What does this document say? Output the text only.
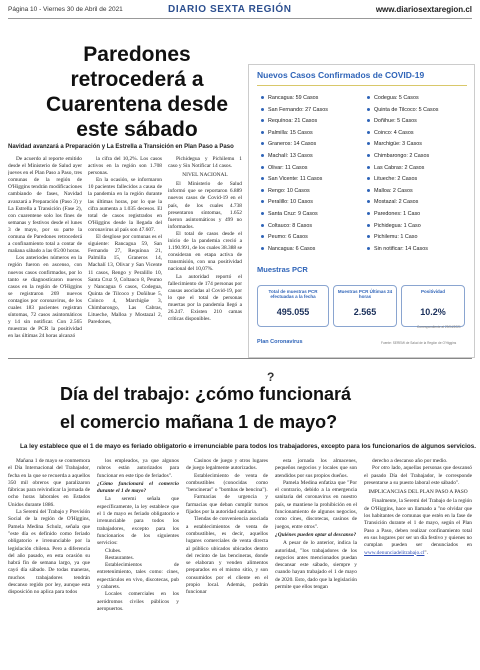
Página 10 - Viernes 30 de Abril de 2021	DIARIO SEXTA REGIÓN	www.diariosextaregion.cl
Paredones
retrocederá a
Cuarentena desde
este sábado
Navidad avanzará a Preparación y La Estrella a Transición en Plan Paso a Paso

De acuerdo al reporte emitido desde el Ministerio de Salud ayer jueves en el Plan Paso a Paso, tres comunas de la región de O'Higgins tendrán modificaciones cambiando de fases, Navidad avanzará a Preparación (Paso 3) y La Estrella a Transición (Fase 2), con cuarentene solo los fines de semanas y festivos desde el lunes 3 de mayo, por su parte la comuna de Paredones retrocederá a confinamiento total a contar de mañana sábado a las 05:00 horas.

Los anteriodes números en la región fueron en ascenso, con nuevos casos confirmados, por lo tanto se diagnosticaron nuevos casos en la región de O'Higgins se registraron 269 nuevos contagios por coronavirus, de los cuales 183 pacientes registran síntomas, 72 casos asintomáticos y 14 sin notificar. Con 2.565 muestras de PCR la positividad en las últimas 24 horas alcanzó

la cifra del 10,2%. Los casos activos en la región son 1.708 personas.

En la ocasión, se informaron 10 pacientes fallecidos a causa de la pandemia en la región durante las últimas horas, por lo que la cifra aumenta a 1.035 decesos. El total de casos registrados en O'Higgins desde la llegada del coronavirus al país son 47.607.

El desglose por comunas es el siguiente: Rancagua 59, San Fernando 27, Requínoa 21, Palmilla 15, Graneros 14, Machalí 13, Olivar y San Vicente 11 casos, Rengo y Peralillo 10, Santa Cruz 9, Coltauco 8, Peumo y Nancagua 6 casos, Codegua, Quinta de Tilcoco y Doñihue 5, Coinco 4, Marchigüe 3, Chimbarongo, Las Cabras, Litueche, Malloa y Mostazal 2, Paredones,

Pichidegua y Pichilemu 1 caso y Sin Notificar 14 casos.

NIVEL NACIONAL

El Ministerio de Salud informó que se reportaron 6.889 nuevos casos de Covid-19 en el país, de los cuales 4.738 presentaron síntomas, 1.652 fueron asintomáticos y 499 no informados.

El total de casos desde el inicio de la pandemia creció a 1.190.991, de los cuales 38.388 se consideran en etapa activa de transmisión, con una positividad nacional del 10,07%.

La autoridad reportó el fallecimiento de 174 personas por causas asociadas al Covid-19, por lo que el total de personas muertas por la pandemia llegó a 26.247. Existen 210 camas críticas disponibles.

Nuevos Casos Confirmados de COVID-19
Rancagua: 59 Casos
San Fernando: 27 Casos
Requínoa: 21 Casos
Palmilla: 15 Casos
Graneros: 14 Casos
Machalí: 13 Casos
Olivar: 11 Casos
San Vicente: 11 Casos
Rengo: 10 Casos
Peralillo: 10 Casos
Santa Cruz: 9 Casos
Coltauco: 8 Casos
Peumo: 6 Casos
Nancagua: 6 Casos
Codegua: 5 Casos
Quinta de Tilcoco: 5 Casos
Doñihue: 5 Casos
Coinco: 4 Casos
Marchigüe: 3 Casos
Chimbarongo: 2 Casos
Las Cabras: 2 Casos
Litueche: 2 Casos
Malloa: 2 Casos
Mostazal: 2 Casos
Paredones: 1 Caso
Pichidegua: 1 Caso
Pichilemu: 1 Caso
Sin notificar: 14 Casos
Muestras PCR
Total de muestras PCR efectuadas a la fecha
495.055
Muestras PCR Últimas 24 horas
2.565
Positividad
10.2%
Correspondiente al 29/04/2021
Plan Coronavirus	Fuente: SEREMI de Salud de la Región de O'Higgins
Día del trabajo: ¿cómo funcionará
el comercio mañana 1 de mayo?
?
La ley establece que el 1 de mayo es feriado obligatorio e irrenunciable para todos los trabajadores, excepto para los funcionarios de algunos servicios.

Mañana 1 de mayo se conmemora el Día Internacional del Trabajador, fecha en la que se recuerda a aquellos 350 mil obreros que paralizaron fábricas para reivindicar la jornada de ocho horas laborales en Estados Unidos durante 1886.

La Seremi del Trabajo y Previsión Social de la región de O'Higgins, Pamela Medina Schulz, señala que "este día es definido como feriado obligatorio e irrenunciable por la legislación chilena. Pero a diferencia del año pasado, en esta ocasión su habrá fin de semana largo, ya que cayó día sábado. De todas maneras, muchos trabajadores tendrán descanso regido por ley, aunque esta disposición no aplica para todos

los empleados, ya que algunos rubros están autorizados para funcionar en este tipo de feriados".

¿Cómo funcionará el comercio durante el 1 de mayo?

La seremi señala que específicamente, la ley establece que el 1 de mayo es feriado obligatorio e irrenunciable para todos los trabajadores, excepto para los funcionarios de los siguientes servicios:

Clubes.

Restaurantes.

Establecimientos de entretenimiento, tales como: cines, espectáculos en vivo, discotecas, pub y cabarets.

Locales comerciales en los aeródromos civiles públicos y aeropuertos.

Casinos de juego y otros lugares de juego legalmente autorizados.

Establecimiento de venta de combustibles (conocidas como "bencineras" o "bombas de bencina").

Farmacias de urgencia y farmacias que deban cumplir turnos fijados por la autoridad sanitaria.

Tiendas de conveniencia asociada a establecimientos de venta de combustibles, es decir, aquellos lugares comerciales de venta directa al público ubicados ubicados dentro del recinto de las bencineras, donde se elaboran y venden alimentos preparados en el mismo sitio, y son consumidos por el cliente en el propio local. Además, podrán funcionar

esta jornada los almacenes, pequeños negocios y locales que son atendidos por sus propios dueños.

Pamela Medina enfatiza que "Por el contrario, debido a la emergencia sanitaria del coronavirus en nuestro país, se mantiene la prohibición en el funcionamiento de algunos negocios, como cines, discotecas, casinos de juegos, entre otros".

¿Quiénes pueden optar al descanso?

A pesar de lo anterior, indica la autoridad, "los trabajadores de los negocios antes mencionados puedan descansar este sábado, siempre y cuando hayan trabajado el 1 de mayo de 2020. Esto, dado que la legislación permite que ellos tengan

derecho a descanso año por medio.

Por otro lado, aquellas personas que descansó el pasado Día del Trabajador, le corresponde presentarse a su puesto laboral este sábado".

IMPLICANCIAS DEL PLAN PASO A PASO

Finalmente, la Seremi del Trabajo de la región de O'Higgins, hace un llamado a "no olvidar que los habitantes de comunas que estén en la fase de Transición durante el 1 de mayo, según el Plan Paso a Paso, deben realizar confinamiento total en sus hogares por ser un día festivo y quienes no cumplan pueden ser denunciados en www.denunciadelitrabajo.cl".
